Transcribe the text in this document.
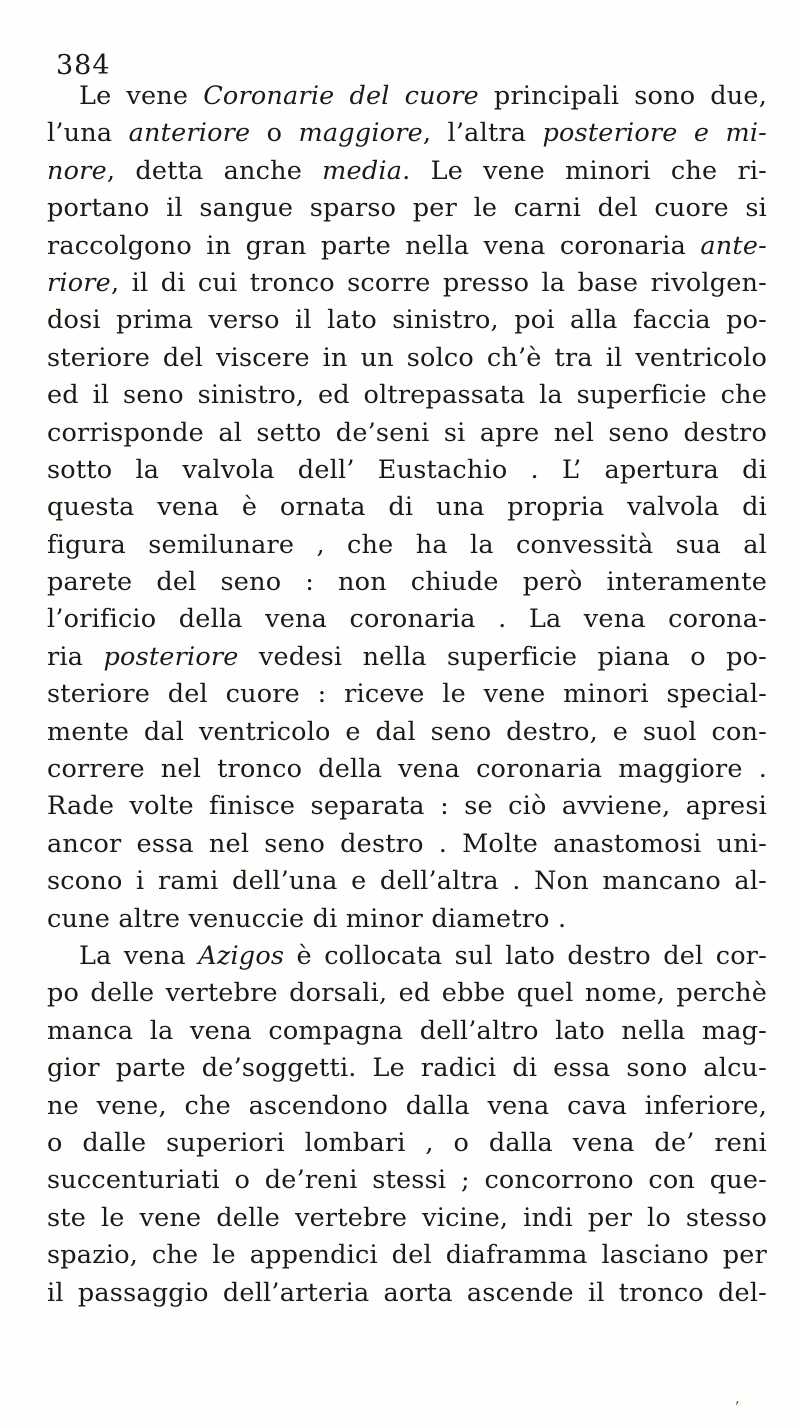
384
Le vene Coronarie del cuore principali sono due,
l’una anteriore o maggiore, l’altra posteriore e mi-
nore, detta anche media. Le vene minori che ri-
portano il sangue sparso per le carni del cuore si
raccolgono in gran parte nella vena coronaria ante-
riore, il di cui tronco scorre presso la base rivolgen-
dosi prima verso il lato sinistro, poi alla faccia po-
steriore del viscere in un solco ch’è tra il ventricolo
ed il seno sinistro, ed oltrepassata la superficie che
corrisponde al setto de’seni si apre nel seno destro
sotto la valvola dell’ Eustachio . L’ apertura di
questa vena è ornata di una propria valvola di
figura semilunare , che ha la convessità sua al
parete del seno : non chiude però interamente
l’orificio della vena coronaria . La vena corona-
ria posteriore vedesi nella superficie piana o po-
steriore del cuore : riceve le vene minori special-
mente dal ventricolo e dal seno destro, e suol con-
correre nel tronco della vena coronaria maggiore .
Rade volte finisce separata : se ciò avviene, apresi
ancor essa nel seno destro . Molte anastomosi uni-
scono i rami dell’una e dell’altra . Non mancano al-
cune altre venuccie di minor diametro .
La vena Azigos è collocata sul lato destro del cor-
po delle vertebre dorsali, ed ebbe quel nome, perchè
manca la vena compagna dell’altro lato nella mag-
gior parte de’soggetti. Le radici di essa sono alcu-
ne vene, che ascendono dalla vena cava inferiore,
o dalle superiori lombari , o dalla vena de’ reni
succenturiati o de’reni stessi ; concorrono con que-
ste le vene delle vertebre vicine, indi per lo stesso
spazio, che le appendici del diaframma lasciano per
il passaggio dell’arteria aorta ascende il tronco del-
ʼ
